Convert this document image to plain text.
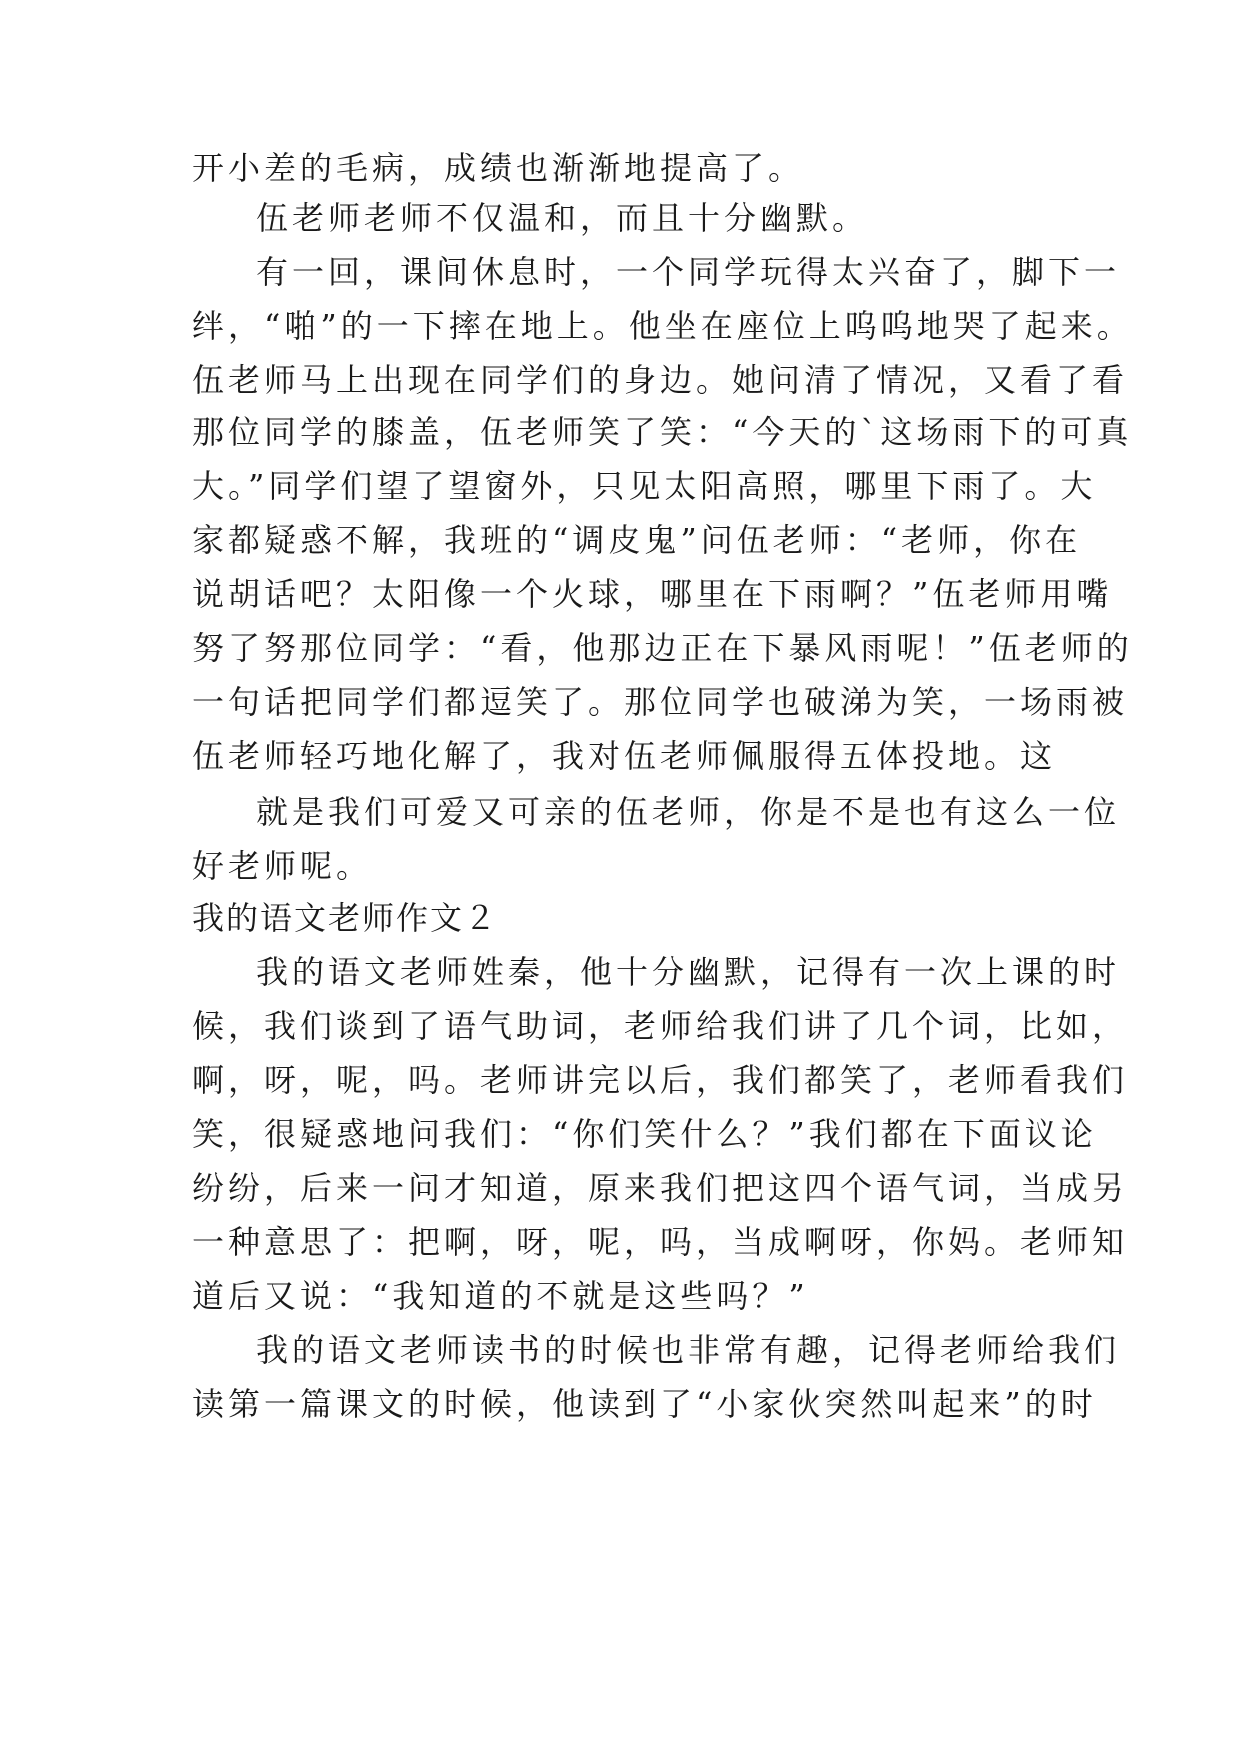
开小差的毛病，成绩也渐渐地提高了。

伍老师老师不仅温和，而且十分幽默。

有一回，课间休息时，一个同学玩得太兴奋了，脚下一

绊，“啪”的一下摔在地上。他坐在座位上呜呜地哭了起来。

伍老师马上出现在同学们的身边。她问清了情况，又看了看

那位同学的膝盖，伍老师笑了笑：“今天的`这场雨下的可真

大。”同学们望了望窗外，只见太阳高照，哪里下雨了。大

家都疑惑不解，我班的“调皮鬼”问伍老师：“老师，你在

说胡话吧？太阳像一个火球，哪里在下雨啊？”伍老师用嘴

努了努那位同学：“看，他那边正在下暴风雨呢！”伍老师的

一句话把同学们都逗笑了。那位同学也破涕为笑，一场雨被

伍老师轻巧地化解了，我对伍老师佩服得五体投地。这

就是我们可爱又可亲的伍老师，你是不是也有这么一位

好老师呢。

我的语文老师作文２

我的语文老师姓秦，他十分幽默，记得有一次上课的时

候，我们谈到了语气助词，老师给我们讲了几个词，比如，

啊，呀，呢，吗。老师讲完以后，我们都笑了，老师看我们

笑，很疑惑地问我们：“你们笑什么？”我们都在下面议论

纷纷，后来一问才知道，原来我们把这四个语气词，当成另

一种意思了：把啊，呀，呢，吗，当成啊呀，你妈。老师知

道后又说：“我知道的不就是这些吗？”

我的语文老师读书的时候也非常有趣，记得老师给我们

读第一篇课文的时候，他读到了“小家伙突然叫起来”的时
